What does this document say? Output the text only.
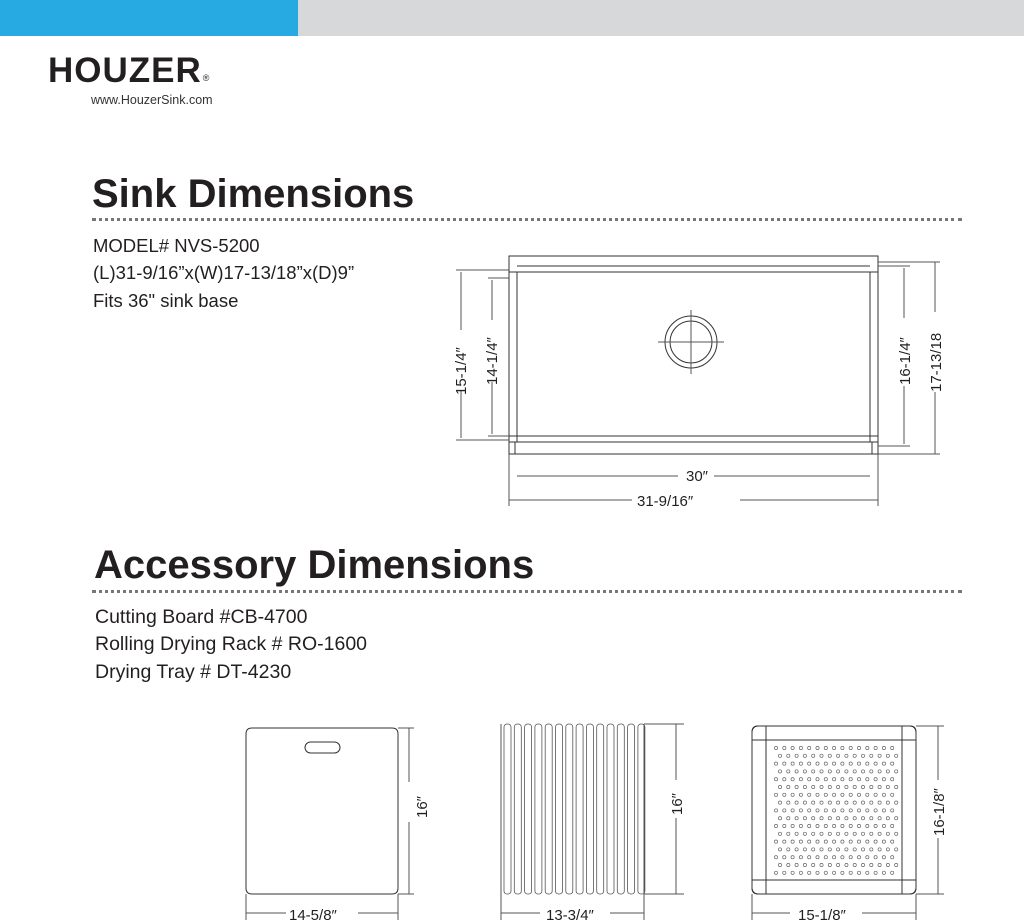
HOUZER®
www.HouzerSink.com
Sink Dimensions
MODEL# NVS-5200
(L)31-9/16”x(W)17-13/18”x(D)9”
Fits 36" sink base
15-1/4″ 14-1/4″	16-1/4″ 17-13/18
30″
31-9/16″
Accessory Dimensions
Cutting Board #CB-4700
Rolling Drying Rack # RO-1600
Drying Tray # DT-4230
16″
14-5/8″
16″
13-3/4″
16-1/8″
15-1/8″
